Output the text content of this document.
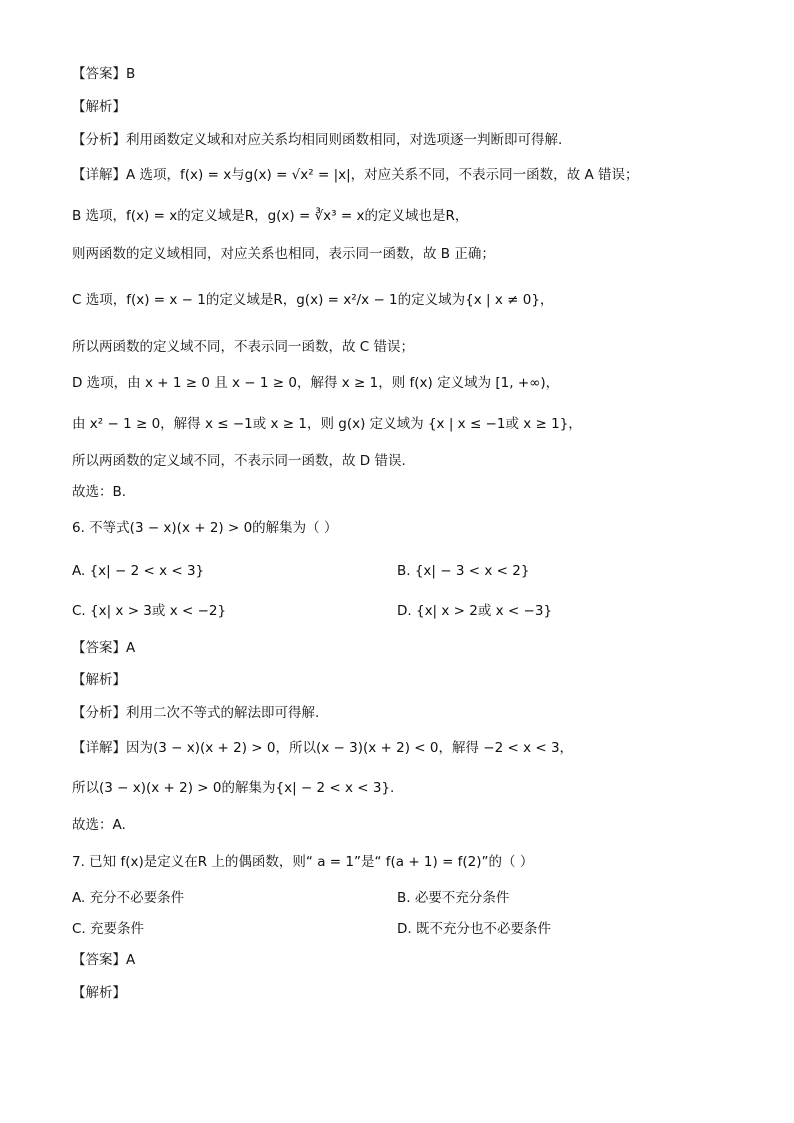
【答案】B
【解析】
【分析】利用函数定义域和对应关系均相同则函数相同，对选项逐一判断即可得解.
【详解】A 选项，f(x) = x与g(x) = √x² = |x|，对应关系不同，不表示同一函数，故 A 错误；
B 选项，f(x) = x的定义域是R，g(x) = ∛x³ = x的定义域也是R，
则两函数的定义域相同，对应关系也相同，表示同一函数，故 B 正确；
C 选项，f(x) = x − 1的定义域是R，g(x) = x²/x − 1的定义域为{x | x ≠ 0}，
所以两函数的定义域不同，不表示同一函数，故 C 错误；
D 选项，由 x + 1 ≥ 0 且 x − 1 ≥ 0，解得 x ≥ 1，则 f(x) 定义域为 [1, +∞)，
由 x² − 1 ≥ 0，解得 x ≤ −1或 x ≥ 1，则 g(x) 定义域为 {x | x ≤ −1或 x ≥ 1}，
所以两函数的定义域不同，不表示同一函数，故 D 错误.
故选：B.
6. 不等式(3 − x)(x + 2) > 0的解集为（ ）
A. {x| − 2 < x < 3}	B. {x| − 3 < x < 2}
C. {x| x > 3或 x < −2}	D. {x| x > 2或 x < −3}
【答案】A
【解析】
【分析】利用二次不等式的解法即可得解.
【详解】因为(3 − x)(x + 2) > 0，所以(x − 3)(x + 2) < 0，解得 −2 < x < 3，
所以(3 − x)(x + 2) > 0的解集为{x| − 2 < x < 3}.
故选：A.
7. 已知 f(x)是定义在R 上的偶函数，则“ a = 1”是“ f(a + 1) = f(2)”的（ ）
A. 充分不必要条件	B. 必要不充分条件
C. 充要条件	D. 既不充分也不必要条件
【答案】A
【解析】
